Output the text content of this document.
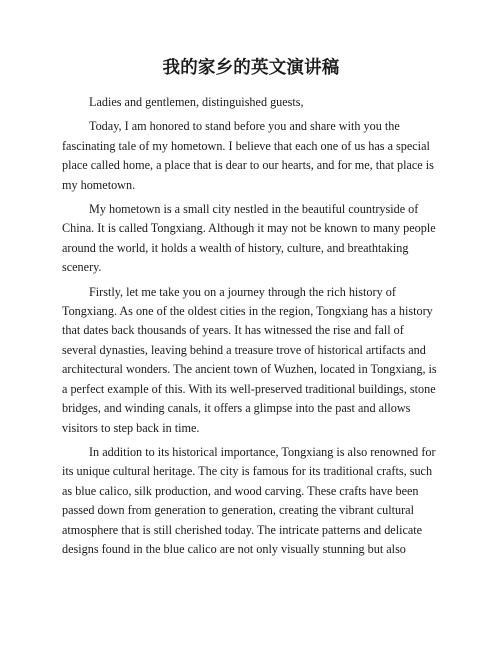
我的家乡的英文演讲稿

Ladies and gentlemen, distinguished guests,

Today, I am honored to stand before you and share with you the fascinating tale of my hometown. I believe that each one of us has a special place called home, a place that is dear to our hearts, and for me, that place is my hometown.

My hometown is a small city nestled in the beautiful countryside of China. It is called Tongxiang. Although it may not be known to many people around the world, it holds a wealth of history, culture, and breathtaking scenery.

Firstly, let me take you on a journey through the rich history of Tongxiang. As one of the oldest cities in the region, Tongxiang has a history that dates back thousands of years. It has witnessed the rise and fall of several dynasties, leaving behind a treasure trove of historical artifacts and architectural wonders. The ancient town of Wuzhen, located in Tongxiang, is a perfect example of this. With its well-preserved traditional buildings, stone bridges, and winding canals, it offers a glimpse into the past and allows visitors to step back in time.

In addition to its historical importance, Tongxiang is also renowned for its unique cultural heritage. The city is famous for its traditional crafts, such as blue calico, silk production, and wood carving. These crafts have been passed down from generation to generation, creating the vibrant cultural atmosphere that is still cherished today. The intricate patterns and delicate designs found in the blue calico are not only visually stunning but also
